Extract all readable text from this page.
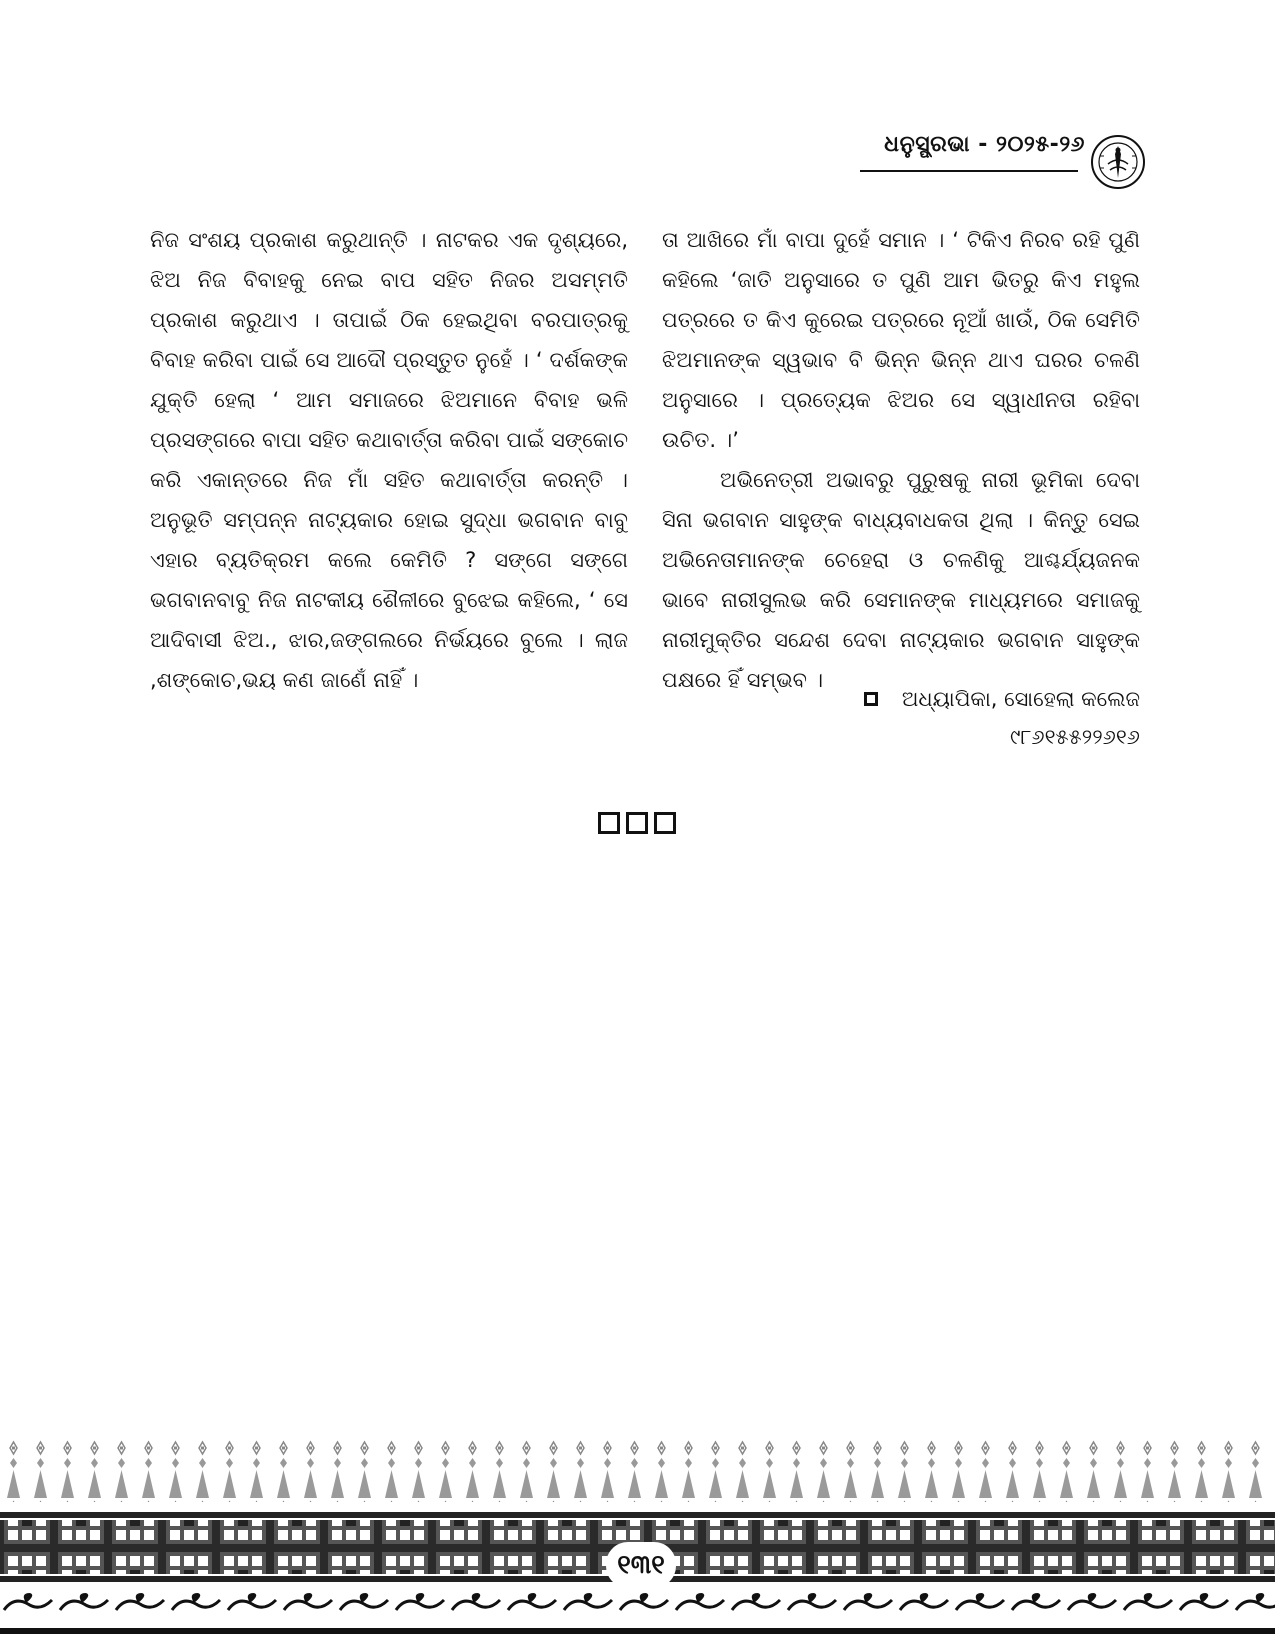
ଧନୁସ୍ପ୍ରଭା - ୨୦୨୫-୨୬

ନିଜ ସଂଶୟ ପ୍ରକାଶ କରୁଥାନ୍ତି । ନାଟକର ଏକ ଦୃଶ୍ୟରେ, ଝିଅ ନିଜ ବିବାହକୁ ନେଇ ବାପ ସହିତ ନିଜର ଅସମ୍ମତି ପ୍ରକାଶ କରୁଥାଏ । ତାପାଇଁ ଠିକ ହେଇଥିବା ବରପାତ୍ରକୁ ବିବାହ କରିବା ପାଇଁ ସେ ଆଦୌ ପ୍ରସ୍ତୁତ ନୁହେଁ । ‘ ଦର୍ଶକଙ୍କ ଯୁକ୍ତି ହେଲା ‘ ଆମ ସମାଜରେ ଝିଅମାନେ ବିବାହ ଭଳି ପ୍ରସଙ୍ଗରେ ବାପା ସହିତ କଥାବାର୍ତ୍ତା କରିବା ପାଇଁ ସଙ୍କୋଚ କରି ଏକାନ୍ତରେ ନିଜ ମାଁ ସହିତ କଥାବାର୍ତ୍ତା କରନ୍ତି । ଅନୁଭୂତି ସମ୍ପନ୍ନ ନାଟ୍ୟକାର ହୋଇ ସୁଦ୍ଧା ଭଗବାନ ବାବୁ ଏହାର ବ୍ୟତିକ୍ରମ କଲେ କେମିତି ? ସଙ୍ଗେ ସଙ୍ଗେ ଭଗବାନବାବୁ ନିଜ ନାଟକୀୟ ଶୈଳୀରେ ବୁଝେଇ କହିଲେ, ‘ ସେ ଆଦିବାସୀ ଝିଅ., ଝାର,ଜଙ୍ଗଲରେ ନିର୍ଭୟରେ ବୁଲେ । ଲାଜ ,ଶଙ୍କୋଚ,ଭୟ କଣ ଜାଣେଁ ନାହିଁ ।

ତା ଆଖିରେ ମାଁ ବାପା ଦୁହେଁ ସମାନ । ‘ ଟିକିଏ ନିରବ ରହି ପୁଣି କହିଲେ ‘ଜାତି ଅନୁସାରେ ତ ପୁଣି ଆମ ଭିତରୁ କିଏ ମହୁଲ ପତ୍ରରେ ତ କିଏ କୁରେଇ ପତ୍ରରେ ନୂଆଁ ଖାଉଁ, ଠିକ ସେମିତି ଝିଅମାନଙ୍କ ସ୍ୱଭାବ ବି ଭିନ୍ନ ଭିନ୍ନ ଥାଏ ଘରର ଚଳଣି ଅନୁସାରେ । ପ୍ରତ୍ୟେକ ଝିଅର ସେ ସ୍ୱାଧୀନତା ରହିବା ଉଚିତ. ।’

ଅଭିନେତ୍ରୀ ଅଭାବରୁ ପୁରୁଷକୁ ନାରୀ ଭୂମିକା ଦେବା ସିନା ଭଗବାନ ସାହୁଙ୍କ ବାଧ୍ୟବାଧକତା ଥିଲା । କିନ୍ତୁ ସେଇ ଅଭିନେତାମାନଙ୍କ ଚେହେରା ଓ ଚଳଣିକୁ ଆଶ୍ଚର୍ଯ୍ୟଜନକ ଭାବେ ନାରୀସୁଲଭ କରି ସେମାନଙ୍କ ମାଧ୍ୟମରେ ସମାଜକୁ ନାରୀମୁକ୍ତିର ସନ୍ଦେଶ ଦେବା ନାଟ୍ୟକାର ଭଗବାନ ସାହୁଙ୍କ ପକ୍ଷରେ ହିଁ ସମ୍ଭବ ।

ଅଧ୍ୟାପିକା, ସୋହେଲା କଲେଜ
୯୮୬୧୫୫୨୨୬୧୬
୧୩୧
